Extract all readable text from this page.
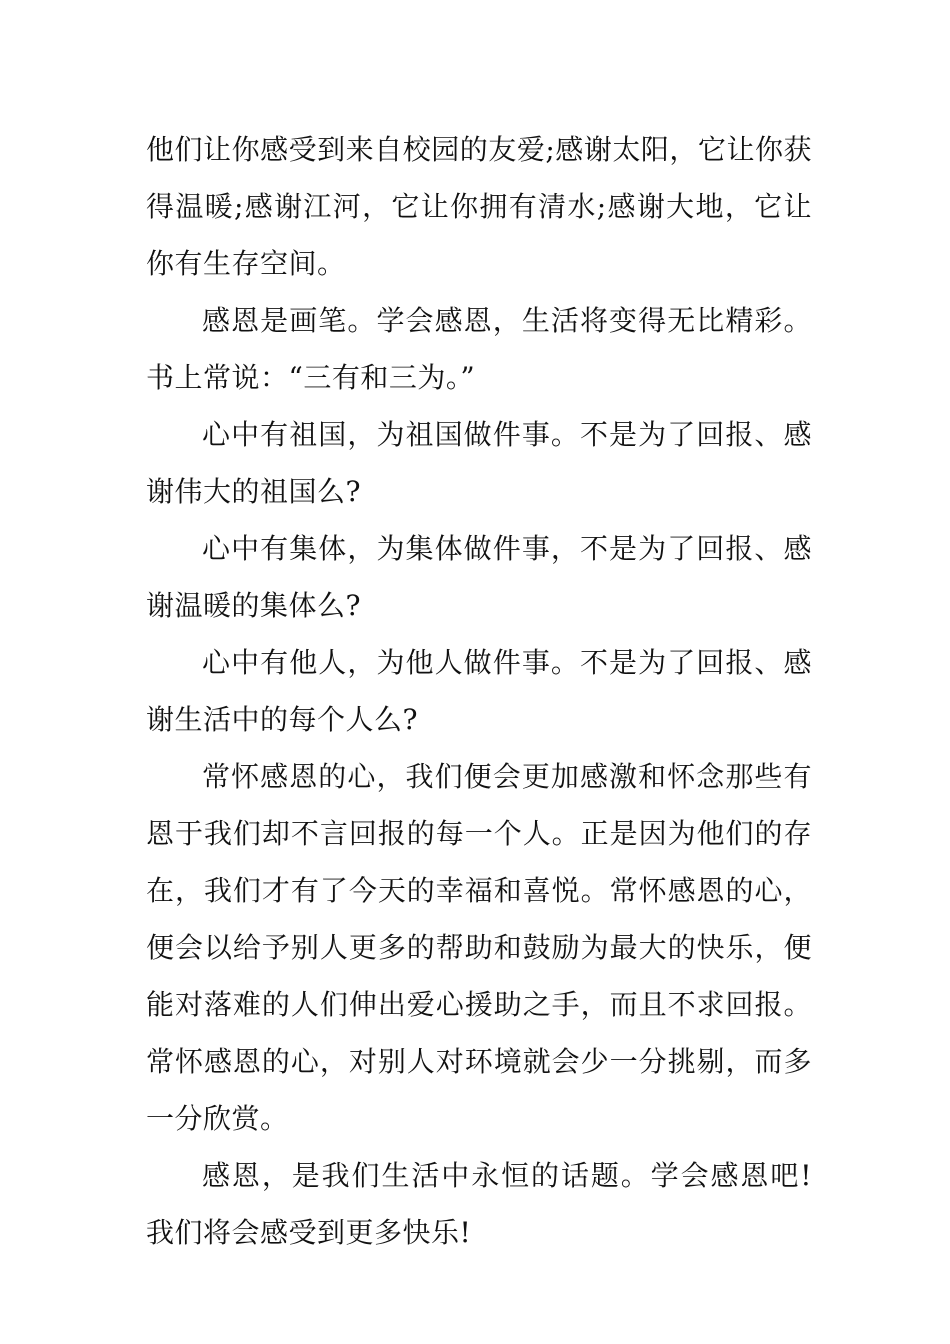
他们让你感受到来自校园的友爱;感谢太阳，它让你获得温暖;感谢江河，它让你拥有清水;感谢大地，它让你有生存空间。

感恩是画笔。学会感恩，生活将变得无比精彩。书上常说：“三有和三为。”

心中有祖国，为祖国做件事。不是为了回报、感谢伟大的祖国么?

心中有集体，为集体做件事，不是为了回报、感谢温暖的集体么?

心中有他人，为他人做件事。不是为了回报、感谢生活中的每个人么?

常怀感恩的心，我们便会更加感激和怀念那些有恩于我们却不言回报的每一个人。正是因为他们的存在，我们才有了今天的幸福和喜悦。常怀感恩的心，便会以给予别人更多的帮助和鼓励为最大的快乐，便能对落难的人们伸出爱心援助之手，而且不求回报。常怀感恩的心，对别人对环境就会少一分挑剔，而多一分欣赏。

感恩，是我们生活中永恒的话题。学会感恩吧!我们将会感受到更多快乐!
